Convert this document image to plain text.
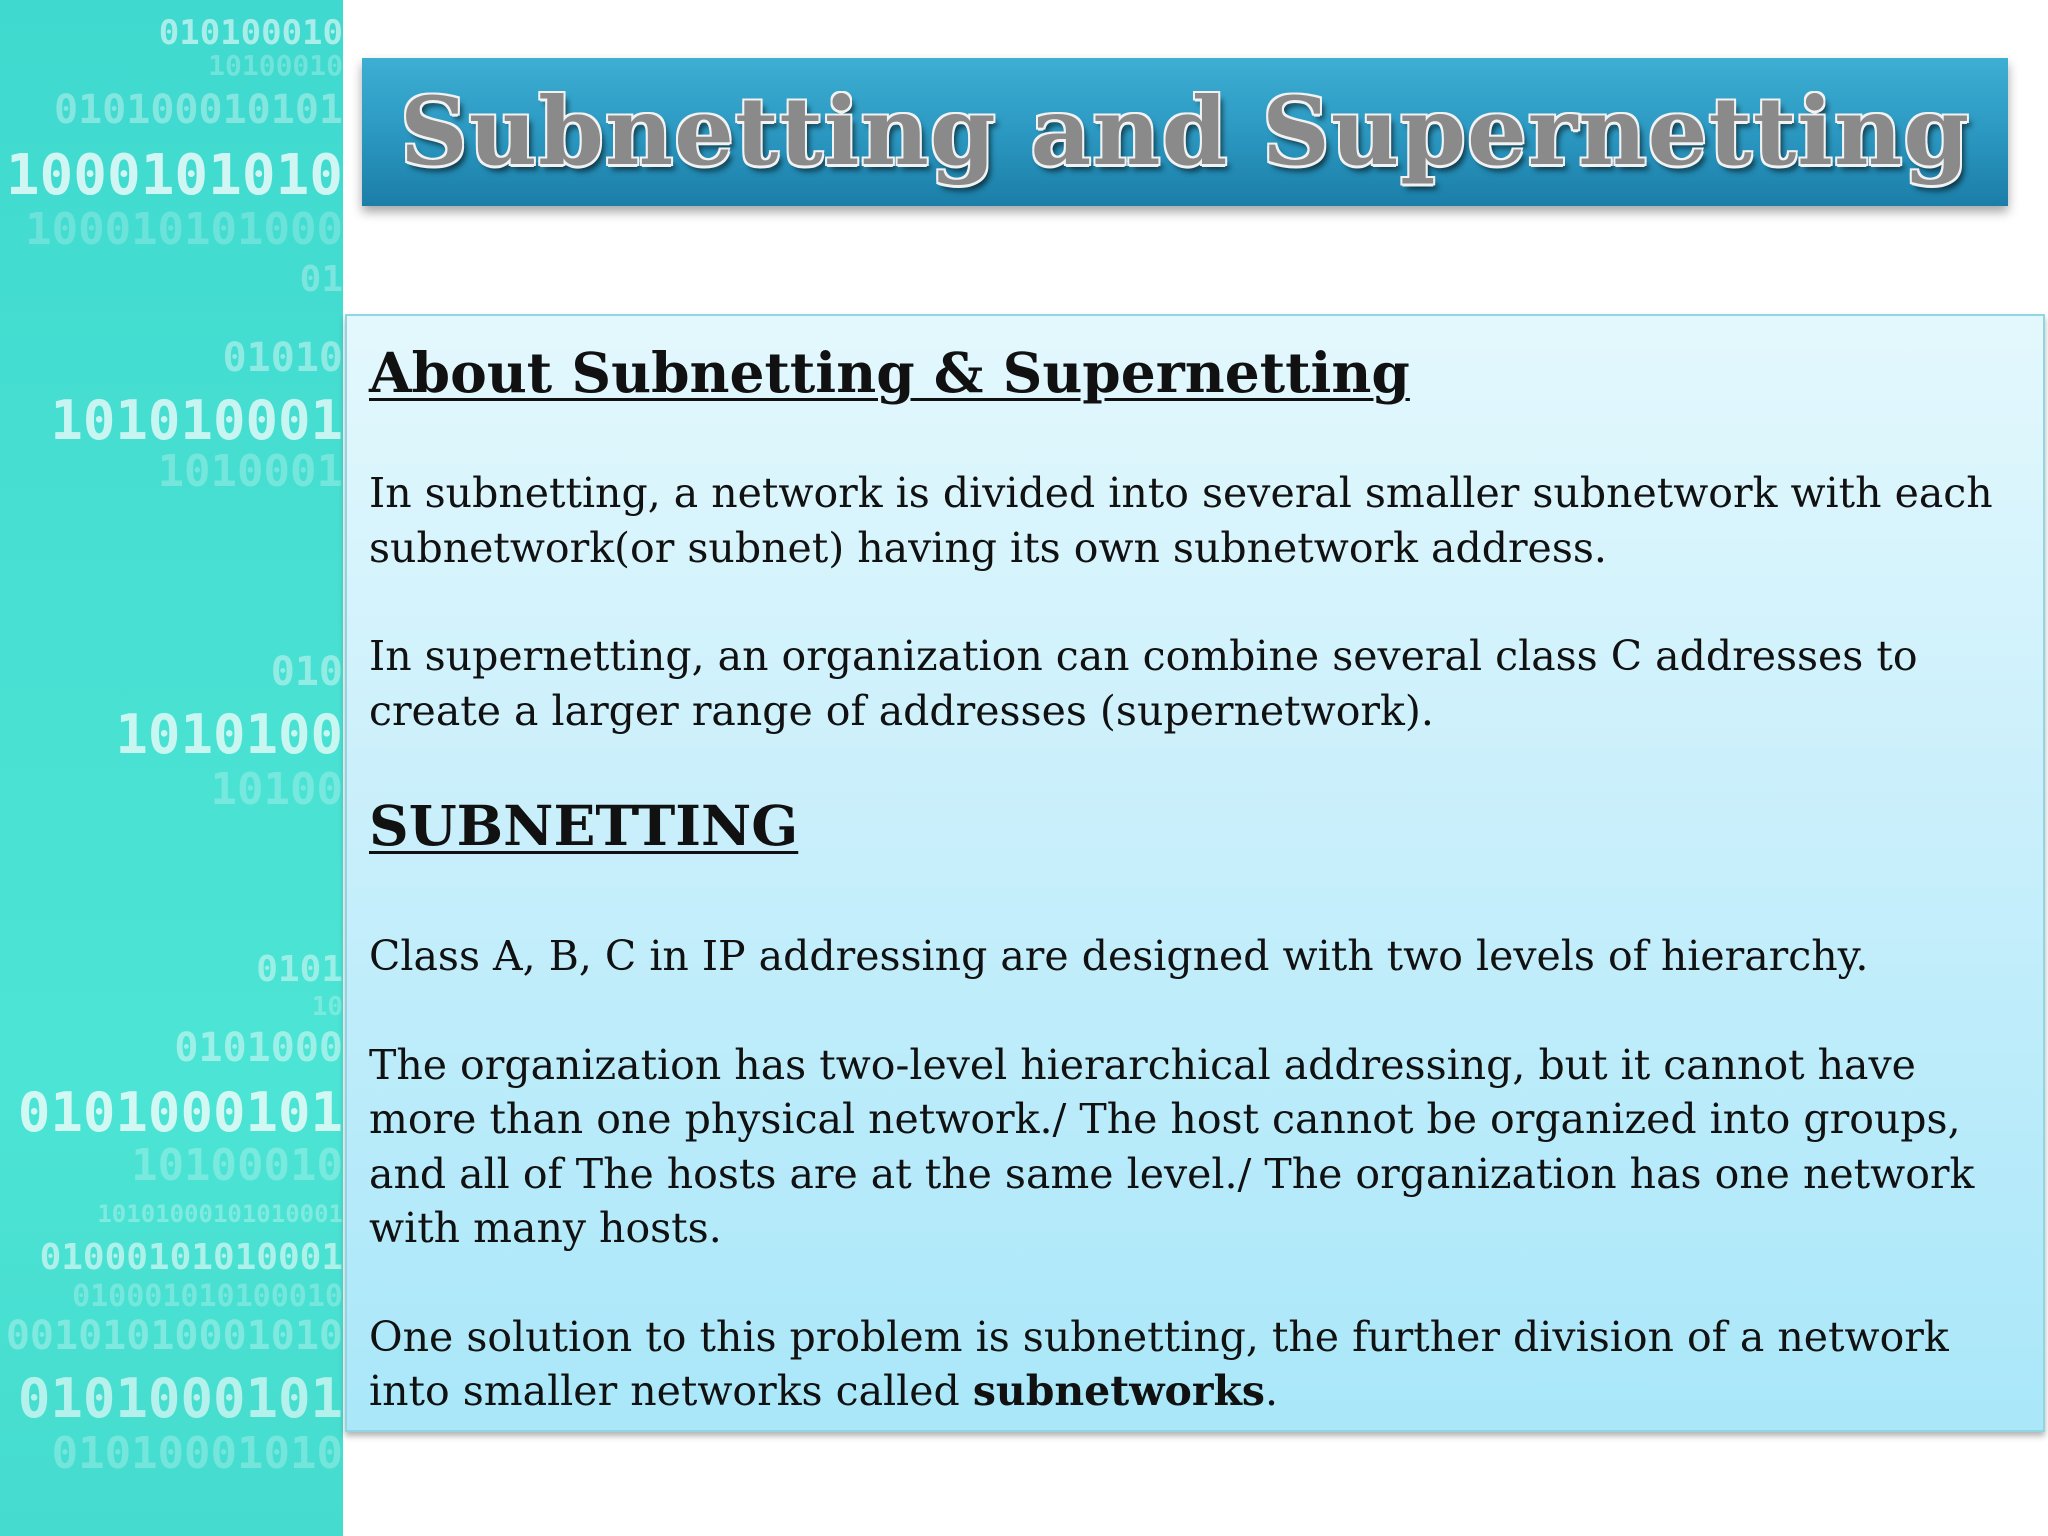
010100010
10100010
010100010101
1000101010
100010101000
01
01010
101010001
1010001
010
1010100
10100
0101
10
0101000
0101000101
10100010
10101000101010001
01000101010001
010001010100010
00101010001010
0101000101
01010001010
Subnetting and Supernetting
About Subnetting & Supernetting

In subnetting, a network is divided into several smaller subnetwork with each subnetwork(or subnet) having its own subnetwork address.

In supernetting, an organization can combine several class C addresses to create a larger range of addresses (supernetwork).

SUBNETTING

Class A, B, C in IP addressing are designed with two levels of hierarchy.

The organization has two-level hierarchical addressing, but it cannot have more than one physical network./ The host cannot be organized into groups, and all of The hosts are at the same level./ The organization has one network with many hosts.

One solution to this problem is subnetting, the further division of a network into smaller networks called subnetworks.
